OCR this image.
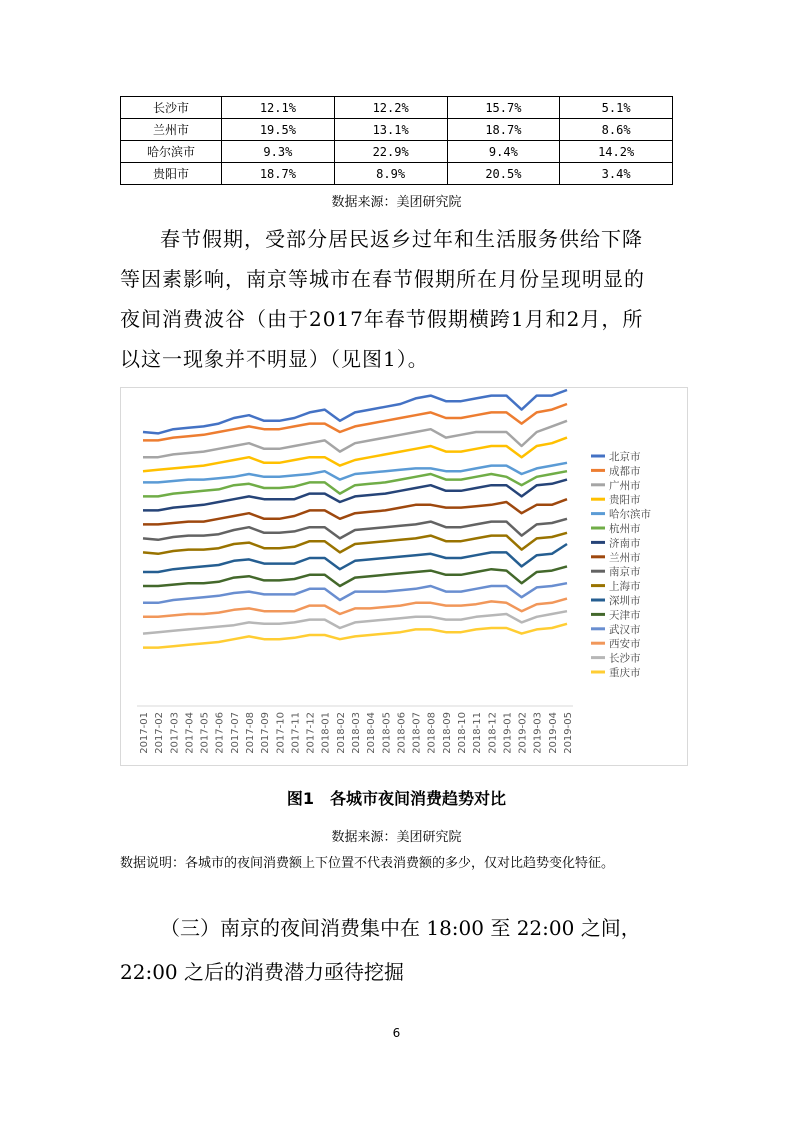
长沙市	12.1%	12.2%	15.7%	5.1%
兰州市	19.5%	13.1%	18.7%	8.6%
哈尔滨市	9.3%	22.9%	9.4%	14.2%
贵阳市	18.7%	8.9%	20.5%	3.4%
数据来源：美团研究院

春节假期，受部分居民返乡过年和生活服务供给下降

等因素影响，南京等城市在春节假期所在月份呈现明显的

夜间消费波谷（由于2017年春节假期横跨1月和2月，所

以这一现象并不明显）（见图1）。

北京市
成都市
广州市
贵阳市
哈尔滨市
杭州市
济南市
兰州市
南京市
上海市
深圳市
天津市
武汉市
西安市
长沙市
重庆市
2017-01 2017-02 2017-03 2017-04 2017-05 2017-06 2017-07 2017-08 2017-09 2017-10 2017-11 2017-12 2018-01 2018-02 2018-03 2018-04 2018-05 2018-06 2018-07 2018-08 2018-09 2018-10 2018-11 2018-12 2019-01 2019-02 2019-03 2019-04 2019-05
图1　各城市夜间消费趋势对比
数据来源：美团研究院
数据说明：各城市的夜间消费额上下位置不代表消费额的多少，仅对比趋势变化特征。

（三）南京的夜间消费集中在 18:00 至 22:00 之间，

22:00 之后的消费潜力亟待挖掘

6
